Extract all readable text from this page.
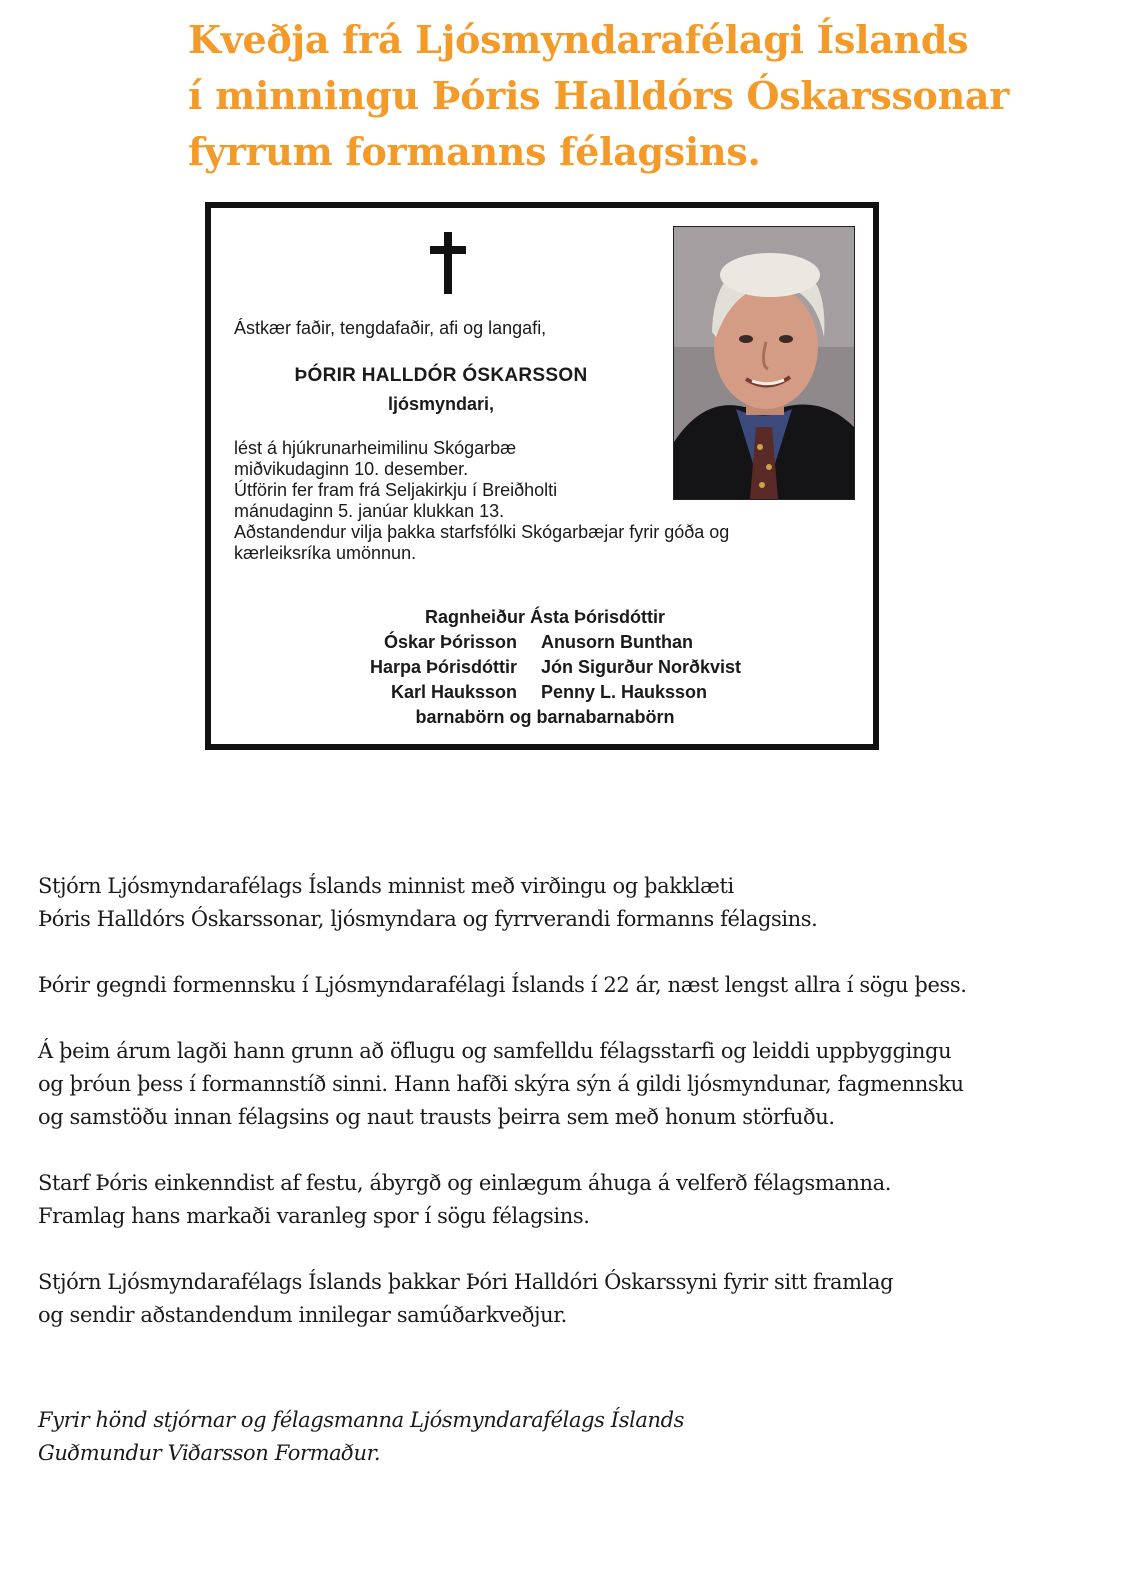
Kveðja frá Ljósmyndarafélagi Íslands
í minningu Þóris Halldórs Óskarssonar
fyrrum formanns félagsins.
Ástkær faðir, tengdafaðir, afi og langafi,
ÞÓRIR HALLDÓR ÓSKARSSON
ljósmyndari,
lést á hjúkrunarheimilinu Skógarbæ
miðvikudaginn 10. desember.
Útförin fer fram frá Seljakirkju í Breiðholti
mánudaginn 5. janúar klukkan 13.
Aðstandendur vilja þakka starfsfólki Skógarbæjar fyrir góða og
kærleiksríka umönnun.
Ragnheiður Ásta Þórisdóttir
Óskar Þórisson Anusorn Bunthan
Harpa Þórisdóttir Jón Sigurður Norðkvist
Karl Hauksson Penny L. Hauksson
barnabörn og barnabarnabörn

Stjórn Ljósmyndarafélags Íslands minnist með virðingu og þakklæti
Þóris Halldórs Óskarssonar, ljósmyndara og fyrrverandi formanns félagsins.

Þórir gegndi formennsku í Ljósmyndarafélagi Íslands í 22 ár, næst lengst allra í sögu þess.

Á þeim árum lagði hann grunn að öflugu og samfelldu félagsstarfi og leiddi uppbyggingu
og þróun þess í formannstíð sinni. Hann hafði skýra sýn á gildi ljósmyndunar, fagmennsku
og samstöðu innan félagsins og naut trausts þeirra sem með honum störfuðu.

Starf Þóris einkenndist af festu, ábyrgð og einlægum áhuga á velferð félagsmanna.
Framlag hans markaði varanleg spor í sögu félagsins.

Stjórn Ljósmyndarafélags Íslands þakkar Þóri Halldóri Óskarssyni fyrir sitt framlag
og sendir aðstandendum innilegar samúðarkveðjur.

Fyrir hönd stjórnar og félagsmanna Ljósmyndarafélags Íslands
Guðmundur Viðarsson Formaður.
